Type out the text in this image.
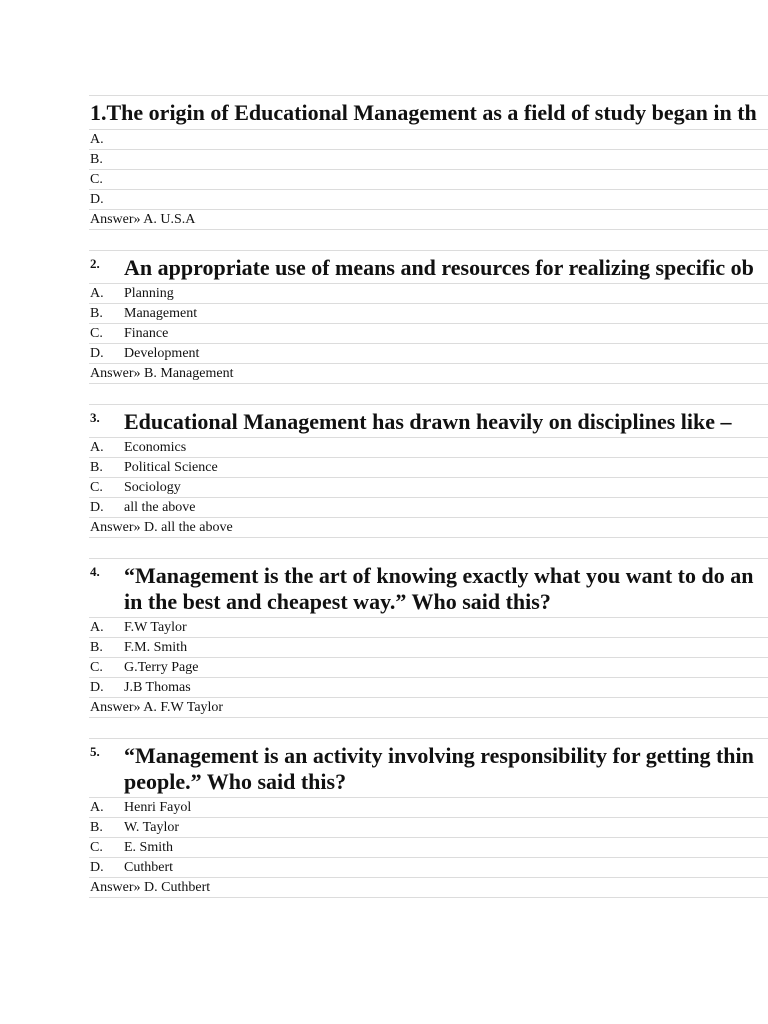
1.The origin of Educational Management as a field of study began in th
A.
B.
C.
D.
Answer» A. U.S.A
2.	An appropriate use of means and resources for realizing specific ob
A.	Planning
B.	Management
C.	Finance
D.	Development
Answer» B. Management
3.	Educational Management has drawn heavily on disciplines like –
A.	Economics
B.	Political Science
C.	Sociology
D.	all the above
Answer» D. all the above
4.	“Management is the art of knowing exactly what you want to do an
in the best and cheapest way.” Who said this?
A.	F.W Taylor
B.	F.M. Smith
C.	G.Terry Page
D.	J.B Thomas
Answer» A. F.W Taylor
5.	“Management is an activity involving responsibility for getting thin
people.” Who said this?
A.	Henri Fayol
B.	W. Taylor
C.	E. Smith
D.	Cuthbert
Answer» D. Cuthbert
